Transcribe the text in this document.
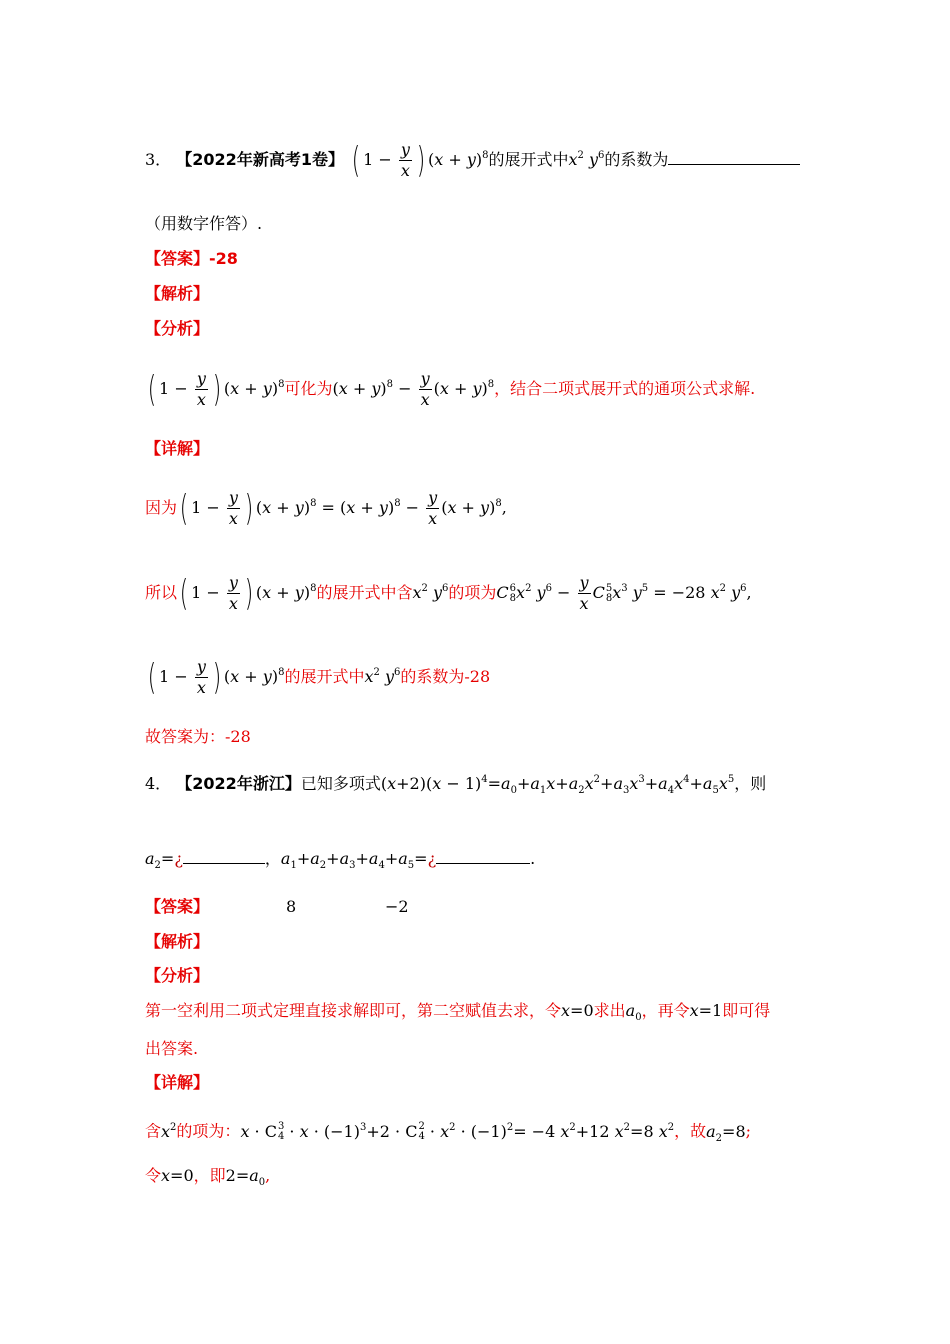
3． 【2022年新高考1卷】 ( $1 - \frac{y}{x}$ ) $(x + y)^8$的展开式中$x^2$ $y^6$的系数为
（用数字作答）.
【答案】-28
【解析】
【分析】
( $1 - \frac{y}{x}$ ) $(x + y)^8$可化为$(x + y)^8 - \frac{y}{x} (x + y)^8$，结合二项式展开式的通项公式求解.
【详解】
因为( $1 - \frac{y}{x}$ ) $(x + y)^8 = (x + y)^8 - \frac{y}{x} (x + y)^8$,
所以( $1 - \frac{y}{x}$ ) $(x + y)^8$的展开式中含$x^2$ $y^6$的项为C 6
8 $x^2$ $y^6 - \frac{y}{x}$ C 5
8 $x^3$ $y^5 = -28$ $x^2$ $y^6$,
( $1 - \frac{y}{x}$ ) $(x + y)^8$的展开式中$x^2$ $y^6$的系数为-28
故答案为：-28
4． 【2022年浙江】已知多项式$(x+2)(x - 1)^4=a_0+a_1x+a_2x^2+a_3x^3+a_4x^4+a_5x^5$，则
$a_2=¿$	，$a_1+a_2+a_3+a_4+a_5=¿$	.
【答案】	8	−2
【解析】
【分析】
第一空利用二项式定理直接求解即可，第二空赋值去求，令x=0求出$a_0$，再令x=1即可得
出答案.
【详解】
含$x^2$的项为：x · C 3
$4 \cdot x \cdot (-1)^3+2 \cdot C$ 2
$4 \cdot x^2 \cdot (-1)^2= -4$ $x^2+12$ $x^2=8$ $x^2$，故$a_2=8$;
令x=0，即$2=a_0$,
